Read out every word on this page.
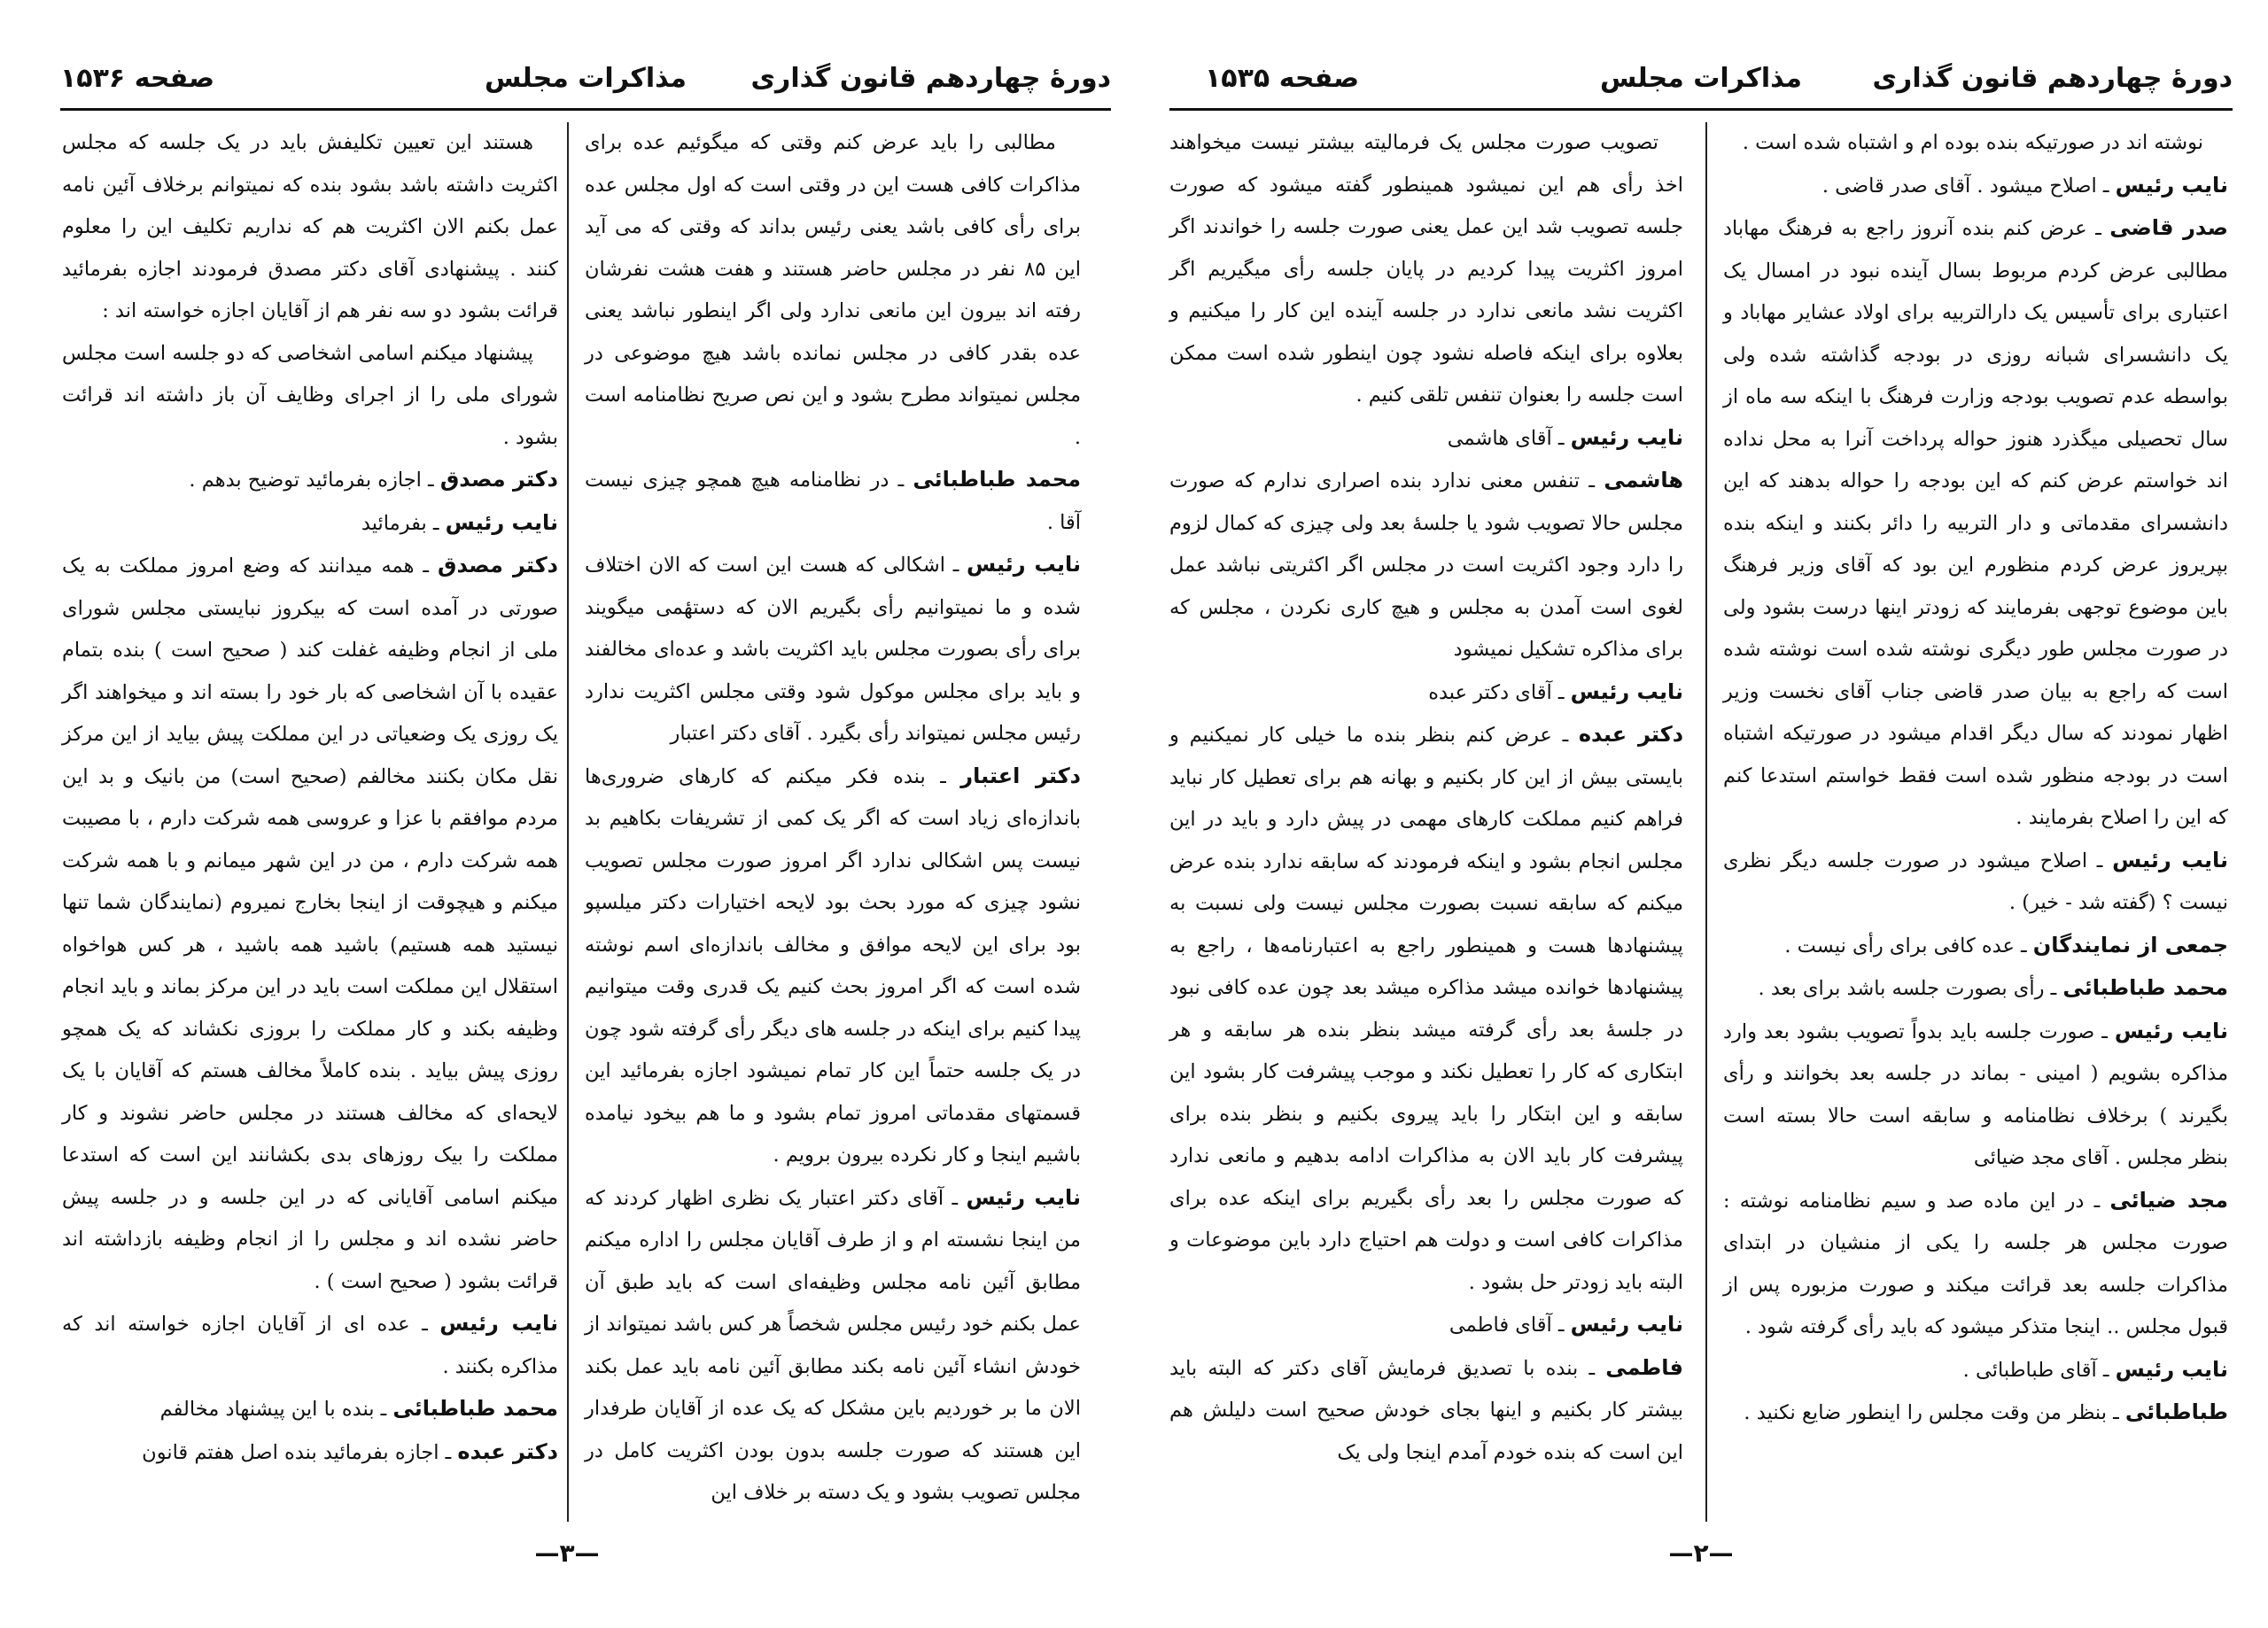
دورهٔ چهاردهم قانون گذاری
مذاکرات مجلس
صفحه ۱۵۳۶

مطالبی را باید عرض کنم وقتی که میگوئیم عده برای مذاکرات کافی هست این در وقتی است که اول مجلس عده برای رأی کافی باشد یعنی رئیس بداند که وقتی که می آید این ۸۵ نفر در مجلس حاضر هستند و هفت هشت نفرشان رفته اند بیرون این مانعی ندارد ولی اگر اینطور نباشد یعنی عده بقدر کافی در مجلس نمانده باشد هیچ موضوعی در مجلس نمیتواند مطرح بشود و این نص صریح نظامنامه است .

محمد طباطبائی ـ در نظامنامه هیچ همچو چیزی نیست آقا .

نایب رئیس ـ اشکالی که هست این است که الان اختلاف شده و ما نمیتوانیم رأی بگیریم الان که دستهٔمی میگویند برای رأی بصورت مجلس باید اکثریت باشد و عده‌ای مخالفند و باید برای مجلس موکول شود وقتی مجلس اکثریت ندارد رئیس مجلس نمیتواند رأی بگیرد . آقای دکتر اعتبار

دکتر اعتبار ـ بنده فکر میکنم که کارهای ضروری‌ها باندازه‌ای زیاد است که اگر یک کمی از تشریفات بکاهیم بد نیست پس اشکالی ندارد اگر امروز صورت مجلس تصویب نشود چیزی که مورد بحث بود لایحه اختیارات دکتر میلسپو بود برای این لایحه موافق و مخالف باندازه‌ای اسم نوشته شده است که اگر امروز بحث کنیم یک قدری وقت میتوانیم پیدا کنیم برای اینکه در جلسه های دیگر رأی گرفته شود چون در یک جلسه حتماً این کار تمام نمیشود اجازه بفرمائید این قسمتهای مقدماتی امروز تمام بشود و ما هم بیخود نیامده باشیم اینجا و کار نکرده بیرون برویم .

نایب رئیس ـ آقای دکتر اعتبار یک نظری اظهار کردند که من اینجا نشسته ام و از طرف آقایان مجلس را اداره میکنم مطابق آئین نامه مجلس وظیفه‌ای است که باید طبق آن عمل بکنم خود رئیس مجلس شخصاً هر کس باشد نمیتواند از خودش انشاء آئین نامه بکند مطابق آئین نامه باید عمل بکند الان ما بر خوردیم باین مشکل که یک عده از آقایان طرفدار این هستند که صورت جلسه بدون بودن اکثریت کامل در مجلس تصویب بشود و یک دسته بر خلاف این

هستند این تعیین تکلیفش باید در یک جلسه که مجلس اکثریت داشته باشد بشود بنده که نمیتوانم برخلاف آئین نامه عمل بکنم الان اکثریت هم که نداریم تکلیف این را معلوم کنند . پیشنهادی آقای دکتر مصدق فرمودند اجازه بفرمائید قرائت بشود دو سه نفر هم از آقایان اجازه خواسته اند :

پیشنهاد میکنم اسامی اشخاصی که دو جلسه است مجلس شورای ملی را از اجرای وظایف آن باز داشته اند قرائت بشود .

دکتر مصدق ـ اجازه بفرمائید توضیح بدهم .

نایب رئیس ـ بفرمائید

دکتر مصدق ـ همه میدانند که وضع امروز مملکت به یک صورتی در آمده است که بیکروز نبایستی مجلس شورای ملی از انجام وظیفه غفلت کند ( صحیح است ) بنده بتمام عقیده با آن اشخاصی که بار خود را بسته اند و میخواهند اگر یک روزی یک وضعیاتی در این مملکت پیش بیاید از این مرکز نقل مکان بکنند مخالفم (صحیح است) من بانیک و بد این مردم موافقم با عزا و عروسی همه شرکت دارم ، با مصیبت همه شرکت دارم ، من در این شهر میمانم و با همه شرکت میکنم و هیچوقت از اینجا بخارج نمیروم (نمایندگان شما تنها نیستید همه هستیم) باشید همه باشید ، هر کس هواخواه استقلال این مملکت است باید در این مرکز بماند و باید انجام وظیفه بکند و کار مملکت را بروزی نکشاند که یک همچو روزی پیش بیاید . بنده کاملاً مخالف هستم که آقایان با یک لایحه‌ای که مخالف هستند در مجلس حاضر نشوند و کار مملکت را بیک روزهای بدی بکشانند این است که استدعا میکنم اسامی آقایانی که در این جلسه و در جلسه پیش حاضر نشده اند و مجلس را از انجام وظیفه بازداشته اند قرائت بشود ( صحیح است ) .

نایب رئیس ـ عده ای از آقایان اجازه خواسته اند که مذاکره بکنند .

محمد طباطبائی ـ بنده با این پیشنهاد مخالفم

دکتر عبده ـ اجازه بفرمائید بنده اصل هفتم قانون

—۳—
دورهٔ چهاردهم قانون گذاری
مذاکرات مجلس
صفحه ۱۵۳۵

نوشته اند در صورتیکه بنده بوده ام و اشتباه شده است .

نایب رئیس ـ اصلاح میشود . آقای صدر قاضی .

صدر قاضی ـ عرض کنم بنده آنروز راجع به فرهنگ مهاباد مطالبی عرض کردم مربوط بسال آینده نبود در امسال یک اعتباری برای تأسیس یک دارالتربیه برای اولاد عشایر مهاباد و یک دانشسرای شبانه روزی در بودجه گذاشته شده ولی بواسطه عدم تصویب بودجه وزارت فرهنگ با اینکه سه ماه از سال تحصیلی میگذرد هنوز حواله پرداخت آنرا به محل نداده اند خواستم عرض کنم که این بودجه را حواله بدهند که این دانشسرای مقدماتی و دار التربیه را دائر بکنند و اینکه بنده بپریروز عرض کردم منظورم این بود که آقای وزیر فرهنگ باین موضوع توجهی بفرمایند که زودتر اینها درست بشود ولی در صورت مجلس طور دیگری نوشته شده است نوشته شده است که راجع به بیان صدر قاضی جناب آقای نخست وزیر اظهار نمودند که سال دیگر اقدام میشود در صورتیکه اشتباه است در بودجه منظور شده است فقط خواستم استدعا کنم که این را اصلاح بفرمایند .

نایب رئیس ـ اصلاح میشود در صورت جلسه دیگر نظری نیست ؟ (گفته شد - خیر) .

جمعی از نمایندگان ـ عده کافی برای رأی نیست .

محمد طباطبائی ـ رأی بصورت جلسه باشد برای بعد .

نایب رئیس ـ صورت جلسه باید بدواً تصویب بشود بعد وارد مذاکره بشویم ( امینی - بماند در جلسه بعد بخوانند و رأی بگیرند ) برخلاف نظامنامه و سابقه است حالا بسته است بنظر مجلس . آقای مجد ضیائی

مجد ضیائی ـ در این ماده صد و سیم نظامنامه نوشته : صورت مجلس هر جلسه را یکی از منشیان در ابتدای مذاکرات جلسه بعد قرائت میکند و صورت مزبوره پس از قبول مجلس .. اینجا متذکر میشود که باید رأی گرفته شود .

نایب رئیس ـ آقای طباطبائی .

طباطبائی ـ بنظر من وقت مجلس را اینطور ضایع نکنید .

تصویب صورت مجلس یک فرمالیته بیشتر نیست میخواهند اخذ رأی هم این نمیشود همینطور گفته میشود که صورت جلسه تصویب شد این عمل یعنی صورت جلسه را خواندند اگر امروز اکثریت پیدا کردیم در پایان جلسه رأی میگیریم اگر اکثریت نشد مانعی ندارد در جلسه آینده این کار را میکنیم و بعلاوه برای اینکه فاصله نشود چون اینطور شده است ممکن است جلسه را بعنوان تنفس تلقی کنیم .

نایب رئیس ـ آقای هاشمی

هاشمی ـ تنفس معنی ندارد بنده اصراری ندارم که صورت مجلس حالا تصویب شود یا جلسهٔ بعد ولی چیزی که کمال لزوم را دارد وجود اکثریت است در مجلس اگر اکثریتی نباشد عمل لغوی است آمدن به مجلس و هیچ کاری نکردن ، مجلس که برای مذاکره تشکیل نمیشود

نایب رئیس ـ آقای دکتر عبده

دکتر عبده ـ عرض کنم بنظر بنده ما خیلی کار نمیکنیم و بایستی بیش از این کار بکنیم و بهانه هم برای تعطیل کار نباید فراهم کنیم مملکت کارهای مهمی در پیش دارد و باید در این مجلس انجام بشود و اینکه فرمودند که سابقه ندارد بنده عرض میکنم که سابقه نسبت بصورت مجلس نیست ولی نسبت به پیشنهادها هست و همینطور راجع به اعتبارنامه‌ها ، راجع به پیشنهادها خوانده میشد مذاکره میشد بعد چون عده کافی نبود در جلسهٔ بعد رأی گرفته میشد بنظر بنده هر سابقه و هر ابتکاری که کار را تعطیل نکند و موجب پیشرفت کار بشود این سابقه و این ابتکار را باید پیروی بکنیم و بنظر بنده برای پیشرفت کار باید الان به مذاکرات ادامه بدهیم و مانعی ندارد که صورت مجلس را بعد رأی بگیریم برای اینکه عده برای مذاکرات کافی است و دولت هم احتیاج دارد باین موضوعات و البته باید زودتر حل بشود .

نایب رئیس ـ آقای فاطمی

فاطمی ـ بنده با تصدیق فرمایش آقای دکتر که البته باید بیشتر کار بکنیم و اینها بجای خودش صحیح است دلیلش هم این است که بنده خودم آمدم اینجا ولی یک

—۲—
